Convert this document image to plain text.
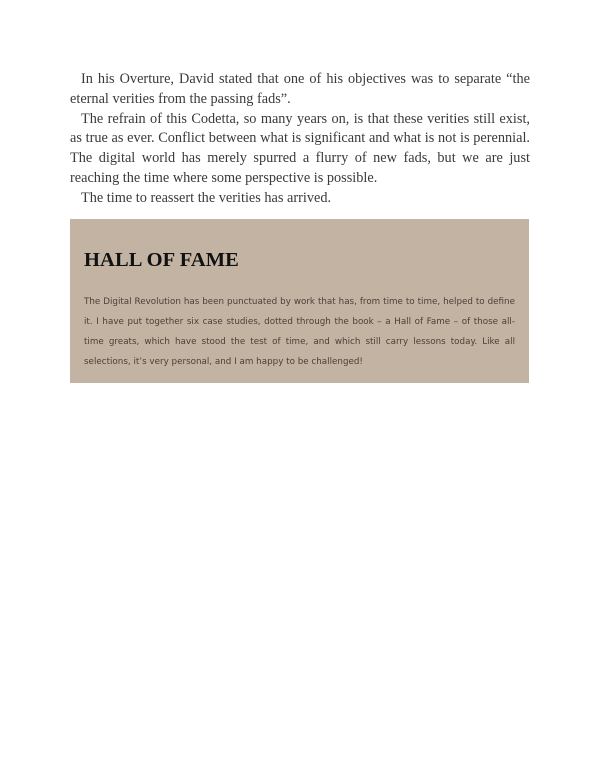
In his Overture, David stated that one of his objectives was to separate “the eternal verities from the passing fads”.

The refrain of this Codetta, so many years on, is that these verities still exist, as true as ever. Conflict between what is significant and what is not is perennial. The digital world has merely spurred a flurry of new fads, but we are just reaching the time where some perspective is possible.

The time to reassert the verities has arrived.

HALL OF FAME

The Digital Revolution has been punctuated by work that has, from time to time, helped to define it. I have put together six case studies, dotted through the book – a Hall of Fame – of those all-time greats, which have stood the test of time, and which still carry lessons today. Like all selections, it’s very personal, and I am happy to be challenged!
